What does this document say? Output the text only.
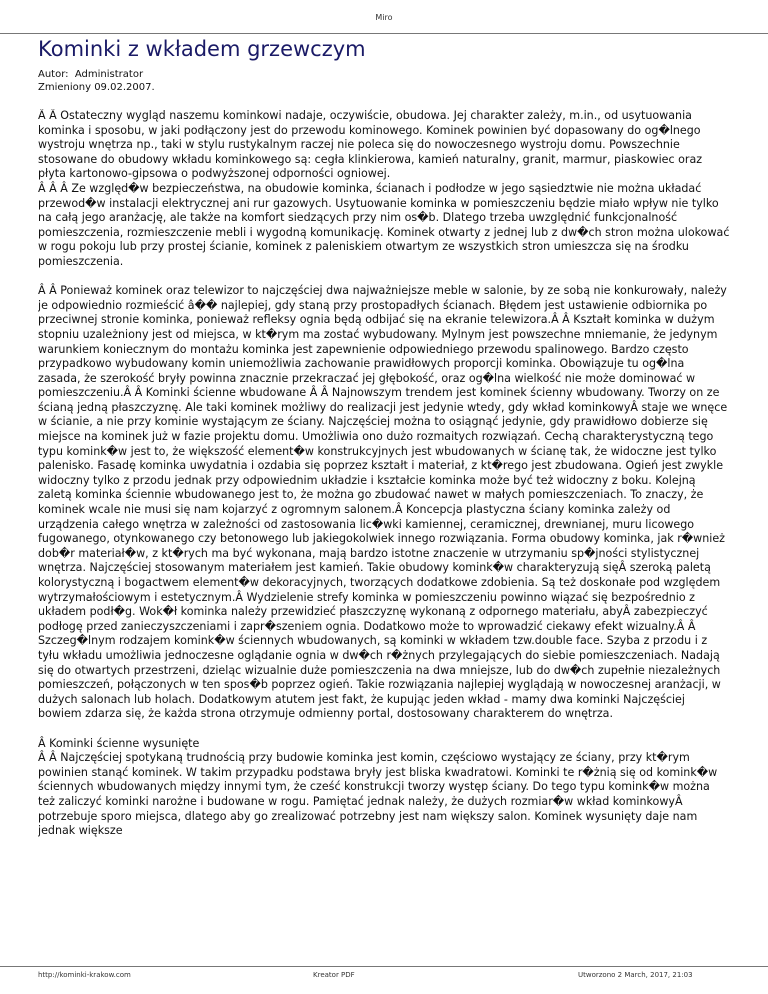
Miro
Kominki z wkładem grzewczym
Autor:  Administrator
Zmieniony 09.02.2007.

Â Â Ostateczny wygląd naszemu kominkowi nadaje, oczywiście, obudowa. Jej charakter zależy, m.in., od usytuowania kominka i sposobu, w jaki podłączony jest do przewodu kominowego. Kominek powinien być dopasowany do og�lnego wystroju wnętrza np., taki w stylu rustykalnym raczej nie poleca się do nowoczesnego wystroju domu. Powszechnie stosowane do obudowy wkładu kominkowego są: cegła klinkierowa, kamień naturalny, granit, marmur, piaskowiec oraz płyta kartonowo-gipsowa o podwyższonej odporności ogniowej.

Â Â Â Ze względ�w bezpieczeństwa, na obudowie kominka, ścianach i podłodze w jego sąsiedztwie nie można układać przewod�w instalacji elektrycznej ani rur gazowych. Usytuowanie kominka w pomieszczeniu będzie miało wpływ nie tylko na całą jego aranżację, ale także na komfort siedzących przy nim os�b. Dlatego trzeba uwzględnić funkcjonalność pomieszczenia, rozmieszczenie mebli i wygodną komunikację. Kominek otwarty z jednej lub z dw�ch stron można ulokować w rogu pokoju lub przy prostej ścianie, kominek z paleniskiem otwartym ze wszystkich stron umieszcza się na środku pomieszczenia.

Â Â Ponieważ kominek oraz telewizor to najczęściej dwa najważniejsze meble w salonie, by ze sobą nie konkurowały, należy je odpowiednio rozmieścić â�� najlepiej, gdy staną przy prostopadłych ścianach. Błędem jest ustawienie odbiornika po przeciwnej stronie kominka, ponieważ refleksy ognia będą odbijać się na ekranie telewizora.Â Â Kształt kominka w dużym stopniu uzależniony jest od miejsca, w kt�rym ma zostać wybudowany. Mylnym jest powszechne mniemanie, że jedynym warunkiem koniecznym do montażu kominka jest zapewnienie odpowiedniego przewodu spalinowego. Bardzo często przypadkowo wybudowany komin uniemożliwia zachowanie prawidłowych proporcji kominka. Obowiązuje tu og�lna zasada, że szerokość bryły powinna znacznie przekraczać jej głębokość, oraz og�lna wielkość nie może dominować w pomieszczeniu.Â Â Kominki ścienne wbudowane Â Â Najnowszym trendem jest kominek ścienny wbudowany. Tworzy on ze ścianą jedną płaszczyznę. Ale taki kominek możliwy do realizacji jest jedynie wtedy, gdy wkład kominkowyÂ staje we wnęce w ścianie, a nie przy kominie wystającym ze ściany. Najczęściej można to osiągnąć jedynie, gdy prawidłowo dobierze się miejsce na kominek już w fazie projektu domu. Umożliwia ono dużo rozmaitych rozwiązań. Cechą charakterystyczną tego typu komink�w jest to, że większość element�w konstrukcyjnych jest wbudowanych w ścianę tak, że widoczne jest tylko palenisko. Fasadę kominka uwydatnia i ozdabia się poprzez kształt i materiał, z kt�rego jest zbudowana. Ogień jest zwykle widoczny tylko z przodu jednak przy odpowiednim układzie i kształcie kominka może być też widoczny z boku. Kolejną zaletą kominka ściennie wbudowanego jest to, że można go zbudować nawet w małych pomieszczeniach. To znaczy, że kominek wcale nie musi się nam kojarzyć z ogromnym salonem.Â Koncepcja plastyczna ściany kominka zależy od urządzenia całego wnętrza w zależności od zastosowania lic�wki kamiennej, ceramicznej, drewnianej, muru licowego fugowanego, otynkowanego czy betonowego lub jakiegokolwiek innego rozwiązania. Forma obudowy kominka, jak r�wnież dob�r materiał�w, z kt�rych ma być wykonana, mają bardzo istotne znaczenie w utrzymaniu sp�jności stylistycznej wnętrza. Najczęściej stosowanym materiałem jest kamień. Takie obudowy komink�w charakteryzują sięÂ szeroką paletą kolorystyczną i bogactwem element�w dekoracyjnych, tworzących dodatkowe zdobienia. Są też doskonałe pod względem wytrzymałościowym i estetycznym.Â Wydzielenie strefy kominka w pomieszczeniu powinno wiązać się bezpośrednio z układem podł�g. Wok�ł kominka należy przewidzieć płaszczyznę wykonaną z odpornego materiału, abyÂ zabezpieczyć podłogę przed zanieczyszczeniami i zapr�szeniem ognia. Dodatkowo może to wprowadzić ciekawy efekt wizualny.Â Â Szczeg�lnym rodzajem komink�w ściennych wbudowanych, są kominki w wkładem tzw.double face. Szyba z przodu i z tyłu wkładu umożliwia jednoczesne oglądanie ognia w dw�ch r�żnych przylegających do siebie pomieszczeniach. Nadają się do otwartych przestrzeni, dzieląc wizualnie duże pomieszczenia na dwa mniejsze, lub do dw�ch zupełnie niezależnych pomieszczeń, połączonych w ten spos�b poprzez ogień. Takie rozwiązania najlepiej wyglądają w nowoczesnej aranżacji, w dużych salonach lub holach. Dodatkowym atutem jest fakt, że kupując jeden wkład - mamy dwa kominki Najczęściej bowiem zdarza się, że każda strona otrzymuje odmienny portal, dostosowany charakterem do wnętrza.

Â Kominki ścienne wysunięte

Â Â Najczęściej spotykaną trudnością przy budowie kominka jest komin, częściowo wystający ze ściany, przy kt�rym powinien stanąć kominek. W takim przypadku podstawa bryły jest bliska kwadratowi. Kominki te r�żnią się od komink�w ściennych wbudowanych między innymi tym, że cześć konstrukcji tworzy występ ściany. Do tego typu komink�w można też zaliczyć kominki narożne i budowane w rogu. Pamiętać jednak należy, że dużych rozmiar�w wkład kominkowyÂ potrzebuje sporo miejsca, dlatego aby go zrealizować potrzebny jest nam większy salon. Kominek wysunięty daje nam jednak większe

http://kominki-krakow.com	Kreator PDF	Utworzono 2 March, 2017, 21:03
